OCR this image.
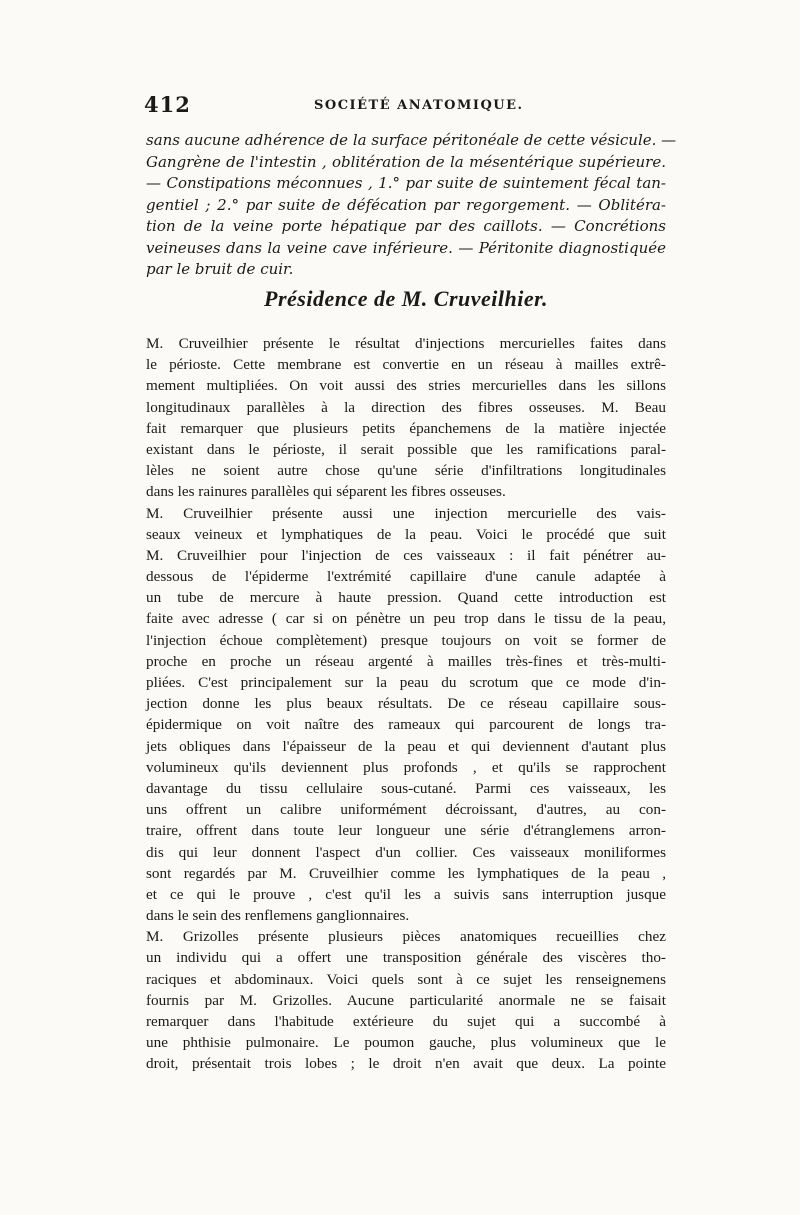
412	SOCIÉTÉ ANATOMIQUE.
sans aucune adhérence de la surface péritonéale de cette vésicule. —
Gangrène de l'intestin , oblitération de la mésentérique supérieure.
— Constipations méconnues , 1.° par suite de suintement fécal tan-
gentiel ; 2.° par suite de défécation par regorgement. — Oblitéra-
tion de la veine porte hépatique par des caillots. — Concrétions
veineuses dans la veine cave inférieure. — Péritonite diagnostiquée
par le bruit de cuir.
Présidence de M. Cruveilhier.
M. Cruveilhier présente le résultat d'injections mercurielles faites dans
le périoste. Cette membrane est convertie en un réseau à mailles extrê-
mement multipliées. On voit aussi des stries mercurielles dans les sillons
longitudinaux parallèles à la direction des fibres osseuses. M. Beau
fait remarquer que plusieurs petits épanchemens de la matière injectée
existant dans le périoste, il serait possible que les ramifications paral-
lèles ne soient autre chose qu'une série d'infiltrations longitudinales
dans les rainures parallèles qui séparent les fibres osseuses.
M. Cruveilhier présente aussi une injection mercurielle des vais-
seaux veineux et lymphatiques de la peau. Voici le procédé que suit
M. Cruveilhier pour l'injection de ces vaisseaux : il fait pénétrer au-
dessous de l'épiderme l'extrémité capillaire d'une canule adaptée à
un tube de mercure à haute pression. Quand cette introduction est
faite avec adresse ( car si on pénètre un peu trop dans le tissu de la peau,
l'injection échoue complètement) presque toujours on voit se former de
proche en proche un réseau argenté à mailles très-fines et très-multi-
pliées. C'est principalement sur la peau du scrotum que ce mode d'in-
jection donne les plus beaux résultats. De ce réseau capillaire sous-
épidermique on voit naître des rameaux qui parcourent de longs tra-
jets obliques dans l'épaisseur de la peau et qui deviennent d'autant plus
volumineux qu'ils deviennent plus profonds , et qu'ils se rapprochent
davantage du tissu cellulaire sous-cutané. Parmi ces vaisseaux, les
uns offrent un calibre uniformément décroissant, d'autres, au con-
traire, offrent dans toute leur longueur une série d'étranglemens arron-
dis qui leur donnent l'aspect d'un collier. Ces vaisseaux moniliformes
sont regardés par M. Cruveilhier comme les lymphatiques de la peau ,
et ce qui le prouve , c'est qu'il les a suivis sans interruption jusque
dans le sein des renflemens ganglionnaires.
M. Grizolles présente plusieurs pièces anatomiques recueillies chez
un individu qui a offert une transposition générale des viscères tho-
raciques et abdominaux. Voici quels sont à ce sujet les renseignemens
fournis par M. Grizolles. Aucune particularité anormale ne se faisait
remarquer dans l'habitude extérieure du sujet qui a succombé à
une phthisie pulmonaire. Le poumon gauche, plus volumineux que le
droit, présentait trois lobes ; le droit n'en avait que deux. La pointe
